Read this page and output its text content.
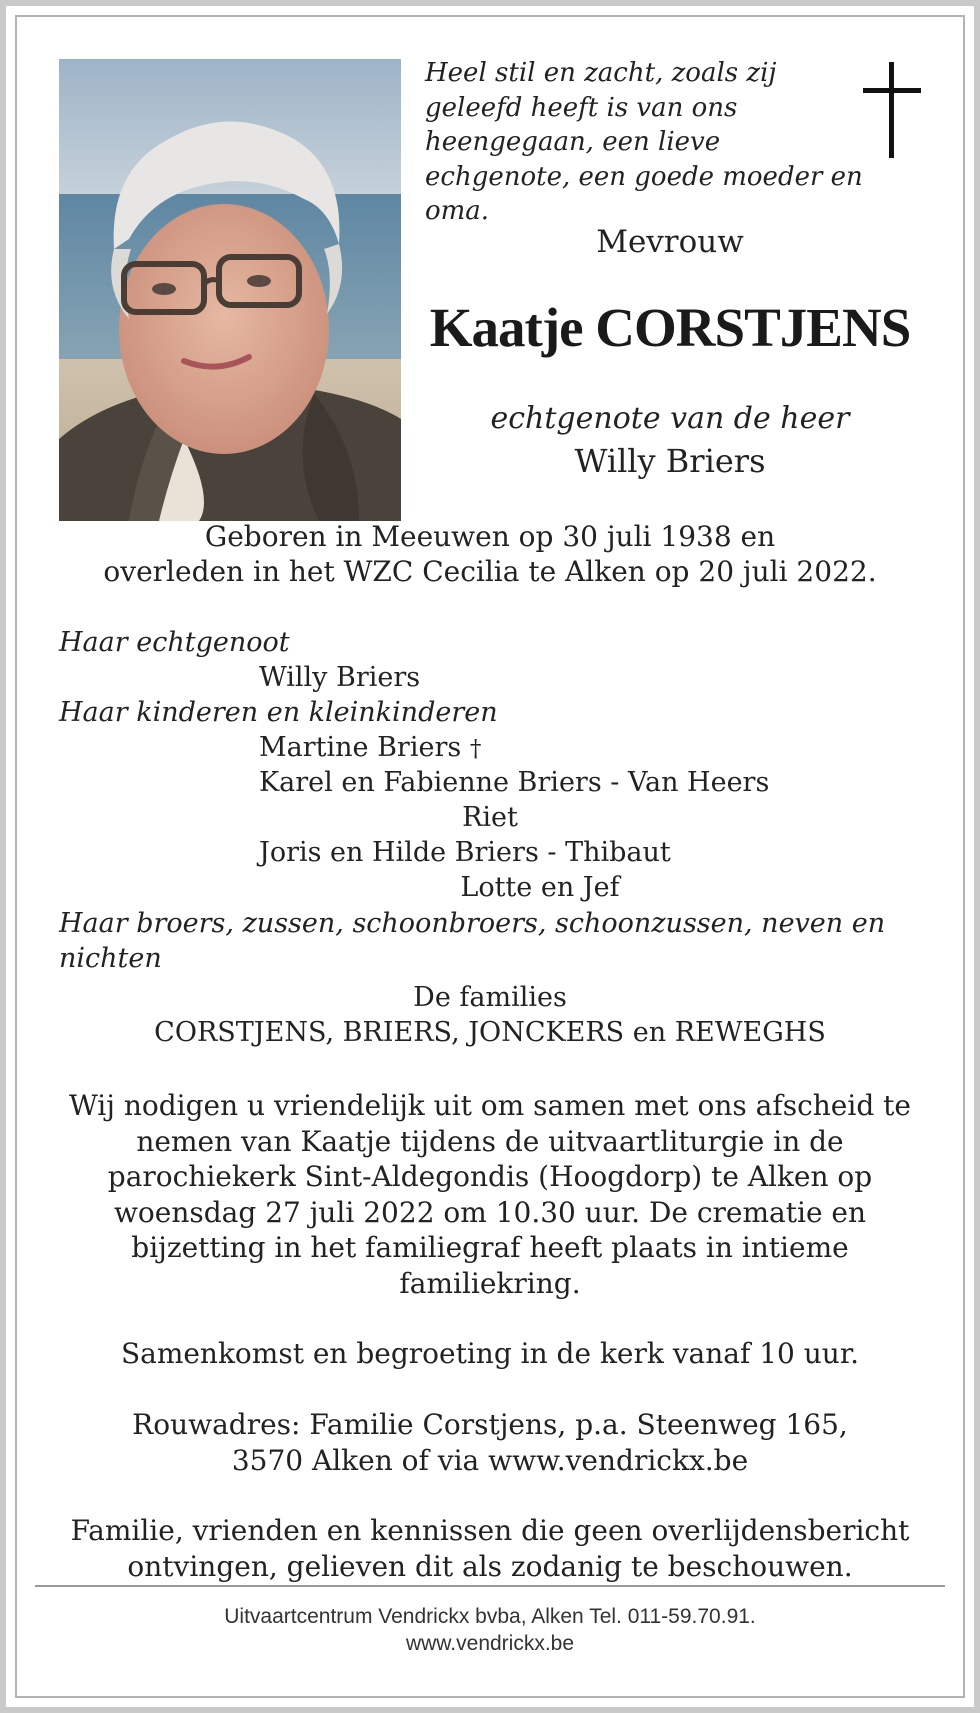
Heel stil en zacht, zoals zij
geleefd heeft is van ons
heengegaan, een lieve
echgenote, een goede moeder en oma.
Mevrouw
Kaatje CORSTJENS
echtgenote van de heer
Willy Briers
Geboren in Meeuwen op 30 juli 1938 en
overleden in het WZC Cecilia te Alken op 20 juli 2022.
Haar echtgenoot
Willy Briers
Haar kinderen en kleinkinderen
Martine Briers †
Karel en Fabienne Briers - Van Heers
Riet
Joris en Hilde Briers - Thibaut
Lotte en Jef
Haar broers, zussen, schoonbroers, schoonzussen, neven en
nichten
De families
CORSTJENS, BRIERS, JONCKERS en REWEGHS
Wij nodigen u vriendelijk uit om samen met ons afscheid te
nemen van Kaatje tijdens de uitvaartliturgie in de
parochiekerk Sint-Aldegondis (Hoogdorp) te Alken op
woensdag 27 juli 2022 om 10.30 uur. De crematie en
bijzetting in het familiegraf heeft plaats in intieme
familiekring.
Samenkomst en begroeting in de kerk vanaf 10 uur.
Rouwadres: Familie Corstjens, p.a. Steenweg 165,
3570 Alken of via www.vendrickx.be
Familie, vrienden en kennissen die geen overlijdensbericht
ontvingen, gelieven dit als zodanig te beschouwen.
Uitvaartcentrum Vendrickx bvba, Alken Tel. 011-59.70.91.
www.vendrickx.be
